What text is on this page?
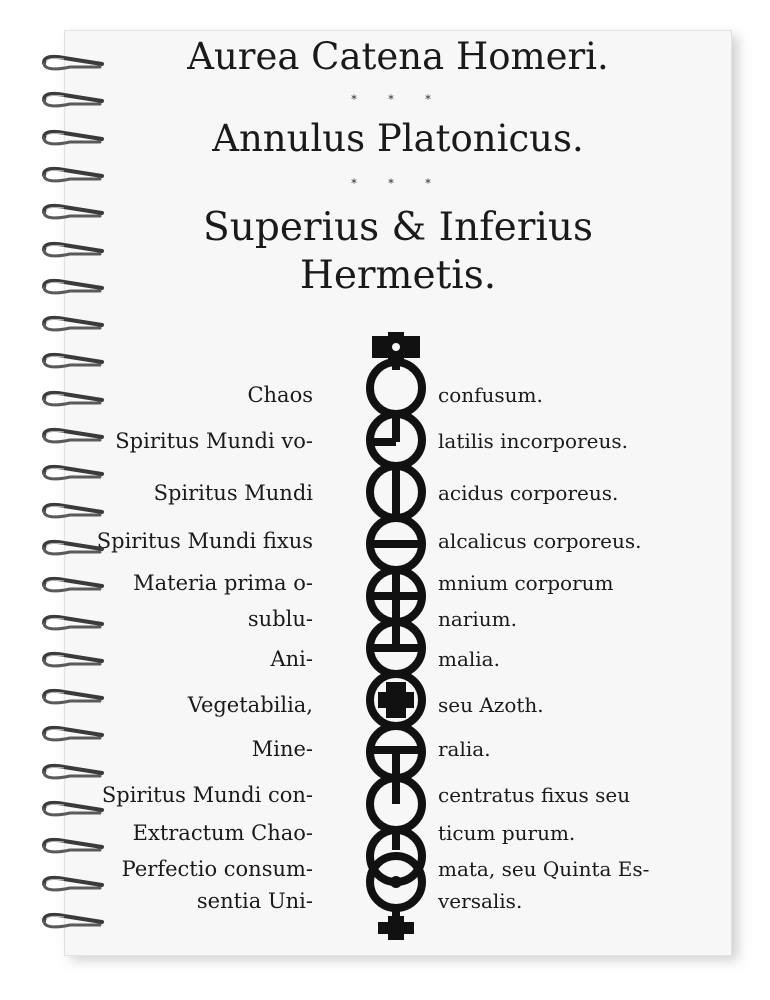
Aurea Catena Homeri.
* * *
Annulus Platonicus.
* * *
Superius & Inferius
Hermetis.
Chaos	confusum.
Spiritus Mundi vo-	latilis incorporeus.
Spiritus Mundi	acidus corporeus.
Spiritus Mundi fixus	alcalicus corporeus.
Materia prima o-	mnium corporum
sublu-	narium.
Ani-	malia.
Vegetabilia,	seu Azoth.
Mine-	ralia.
Spiritus Mundi con-	centratus fixus seu
Extractum Chao-	ticum purum.
Perfectio consum-	mata, seu Quinta Es-
sentia Uni-	versalis.
